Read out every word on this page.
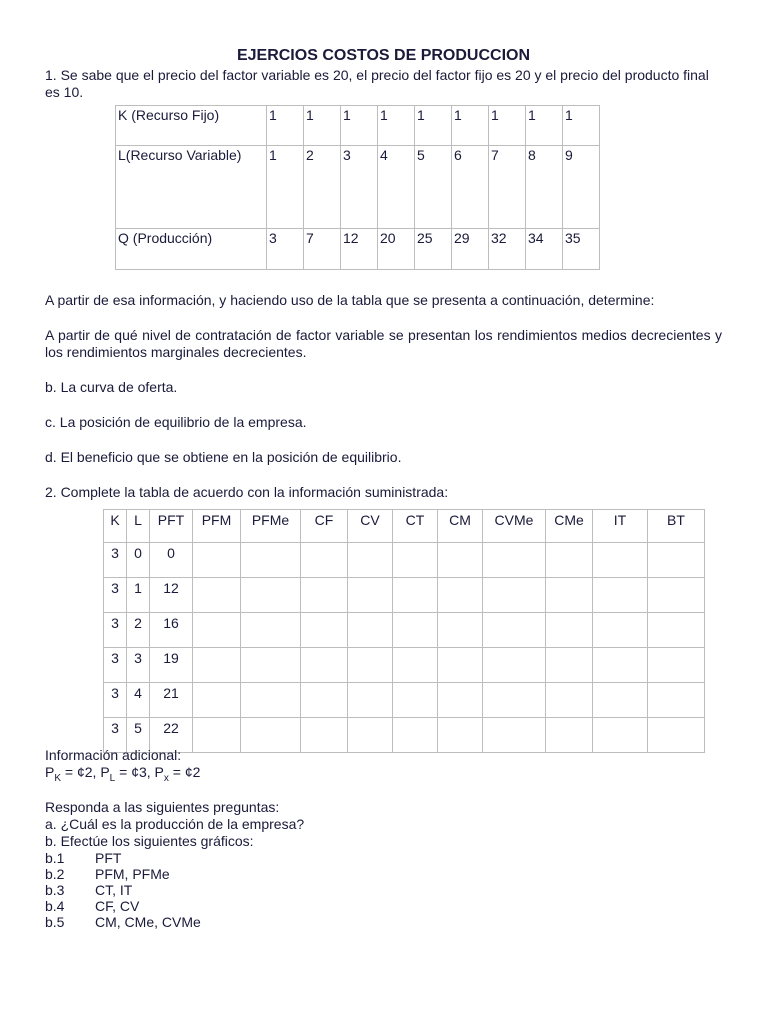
EJERCIOS COSTOS DE PRODUCCION

1. Se sabe que el precio del factor variable es 20, el precio del factor fijo es 20 y el precio del producto final es 10.

K (Recurso Fijo)	1	1	1	1	1	1	1	1	1
L(Recurso Variable)	1	2	3	4	5	6	7	8	9
Q (Producción)	3	7	12	20	25	29	32	34	35

A partir de esa información, y haciendo uso de la tabla que se presenta a continuación, determine:

A partir de qué nivel de contratación de factor variable se presentan los rendimientos medios decrecientes y los rendimientos marginales decrecientes.

b. La curva de oferta.

c. La posición de equilibrio de la empresa.

d. El beneficio que se obtiene en la posición de equilibrio.

2. Complete la tabla de acuerdo con la información suministrada:

K	L	PFT	PFM	PFMe	CF	CV	CT	CM	CVMe	CMe	IT	BT
3	0	0										
3	1	12										
3	2	16										
3	3	19										
3	4	21										
3	5	22										

Información adicional:

$P_K$ = ¢2, $P_L$ = ¢3, $P_x$ = ¢2

Responda a las siguientes preguntas:

a. ¿Cuál es la producción de la empresa?

b. Efectúe los siguientes gráficos:

b.1	PFT
b.2	PFM, PFMe
b.3	CT, IT
b.4	CF, CV
b.5	CM, CMe, CVMe
